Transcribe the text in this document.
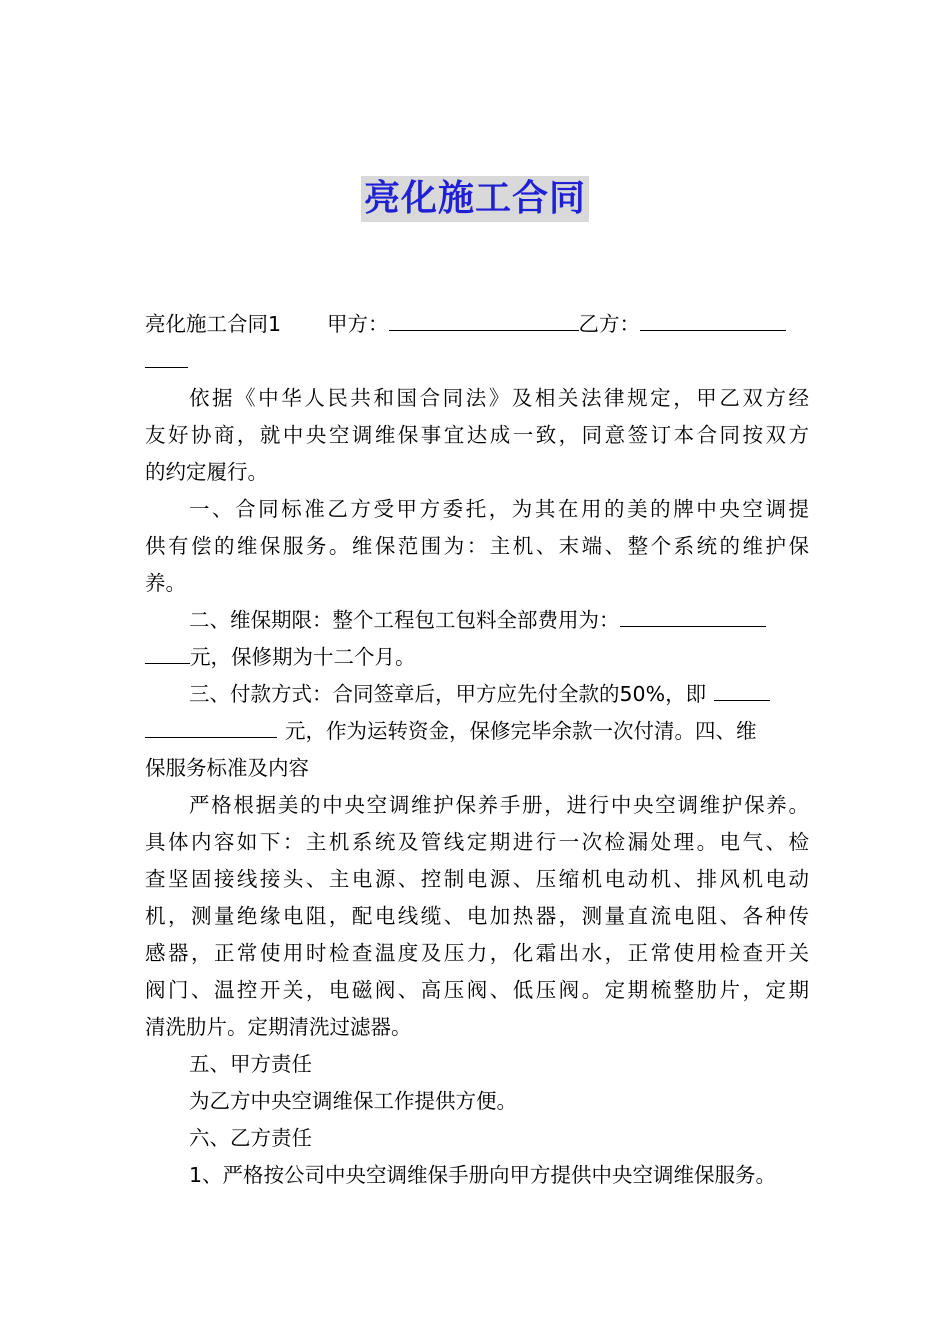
亮化施工合同
亮化施工合同1 甲方：	乙方：
依据《中华人民共和国合同法》及相关法律规定，甲乙双方经
友好协商，就中央空调维保事宜达成一致，同意签订本合同按双方
的约定履行。
一、合同标准乙方受甲方委托，为其在用的美的牌中央空调提
供有偿的维保服务。维保范围为：主机、末端、整个系统的维护保
养。
二、维保期限：整个工程包工包料全部费用为：
元，保修期为十二个月。
三、付款方式：合同签章后，甲方应先付全款的50%，即
元，作为运转资金，保修完毕余款一次付清。四、维
保服务标准及内容
严格根据美的中央空调维护保养手册，进行中央空调维护保养。
具体内容如下：主机系统及管线定期进行一次检漏处理。电气、检
查坚固接线接头、主电源、控制电源、压缩机电动机、排风机电动
机，测量绝缘电阻，配电线缆、电加热器，测量直流电阻、各种传
感器，正常使用时检查温度及压力，化霜出水，正常使用检查开关
阀门、温控开关，电磁阀、高压阀、低压阀。定期梳整肋片，定期
清洗肋片。定期清洗过滤器。
五、甲方责任
为乙方中央空调维保工作提供方便。
六、乙方责任
1、严格按公司中央空调维保手册向甲方提供中央空调维保服务。
